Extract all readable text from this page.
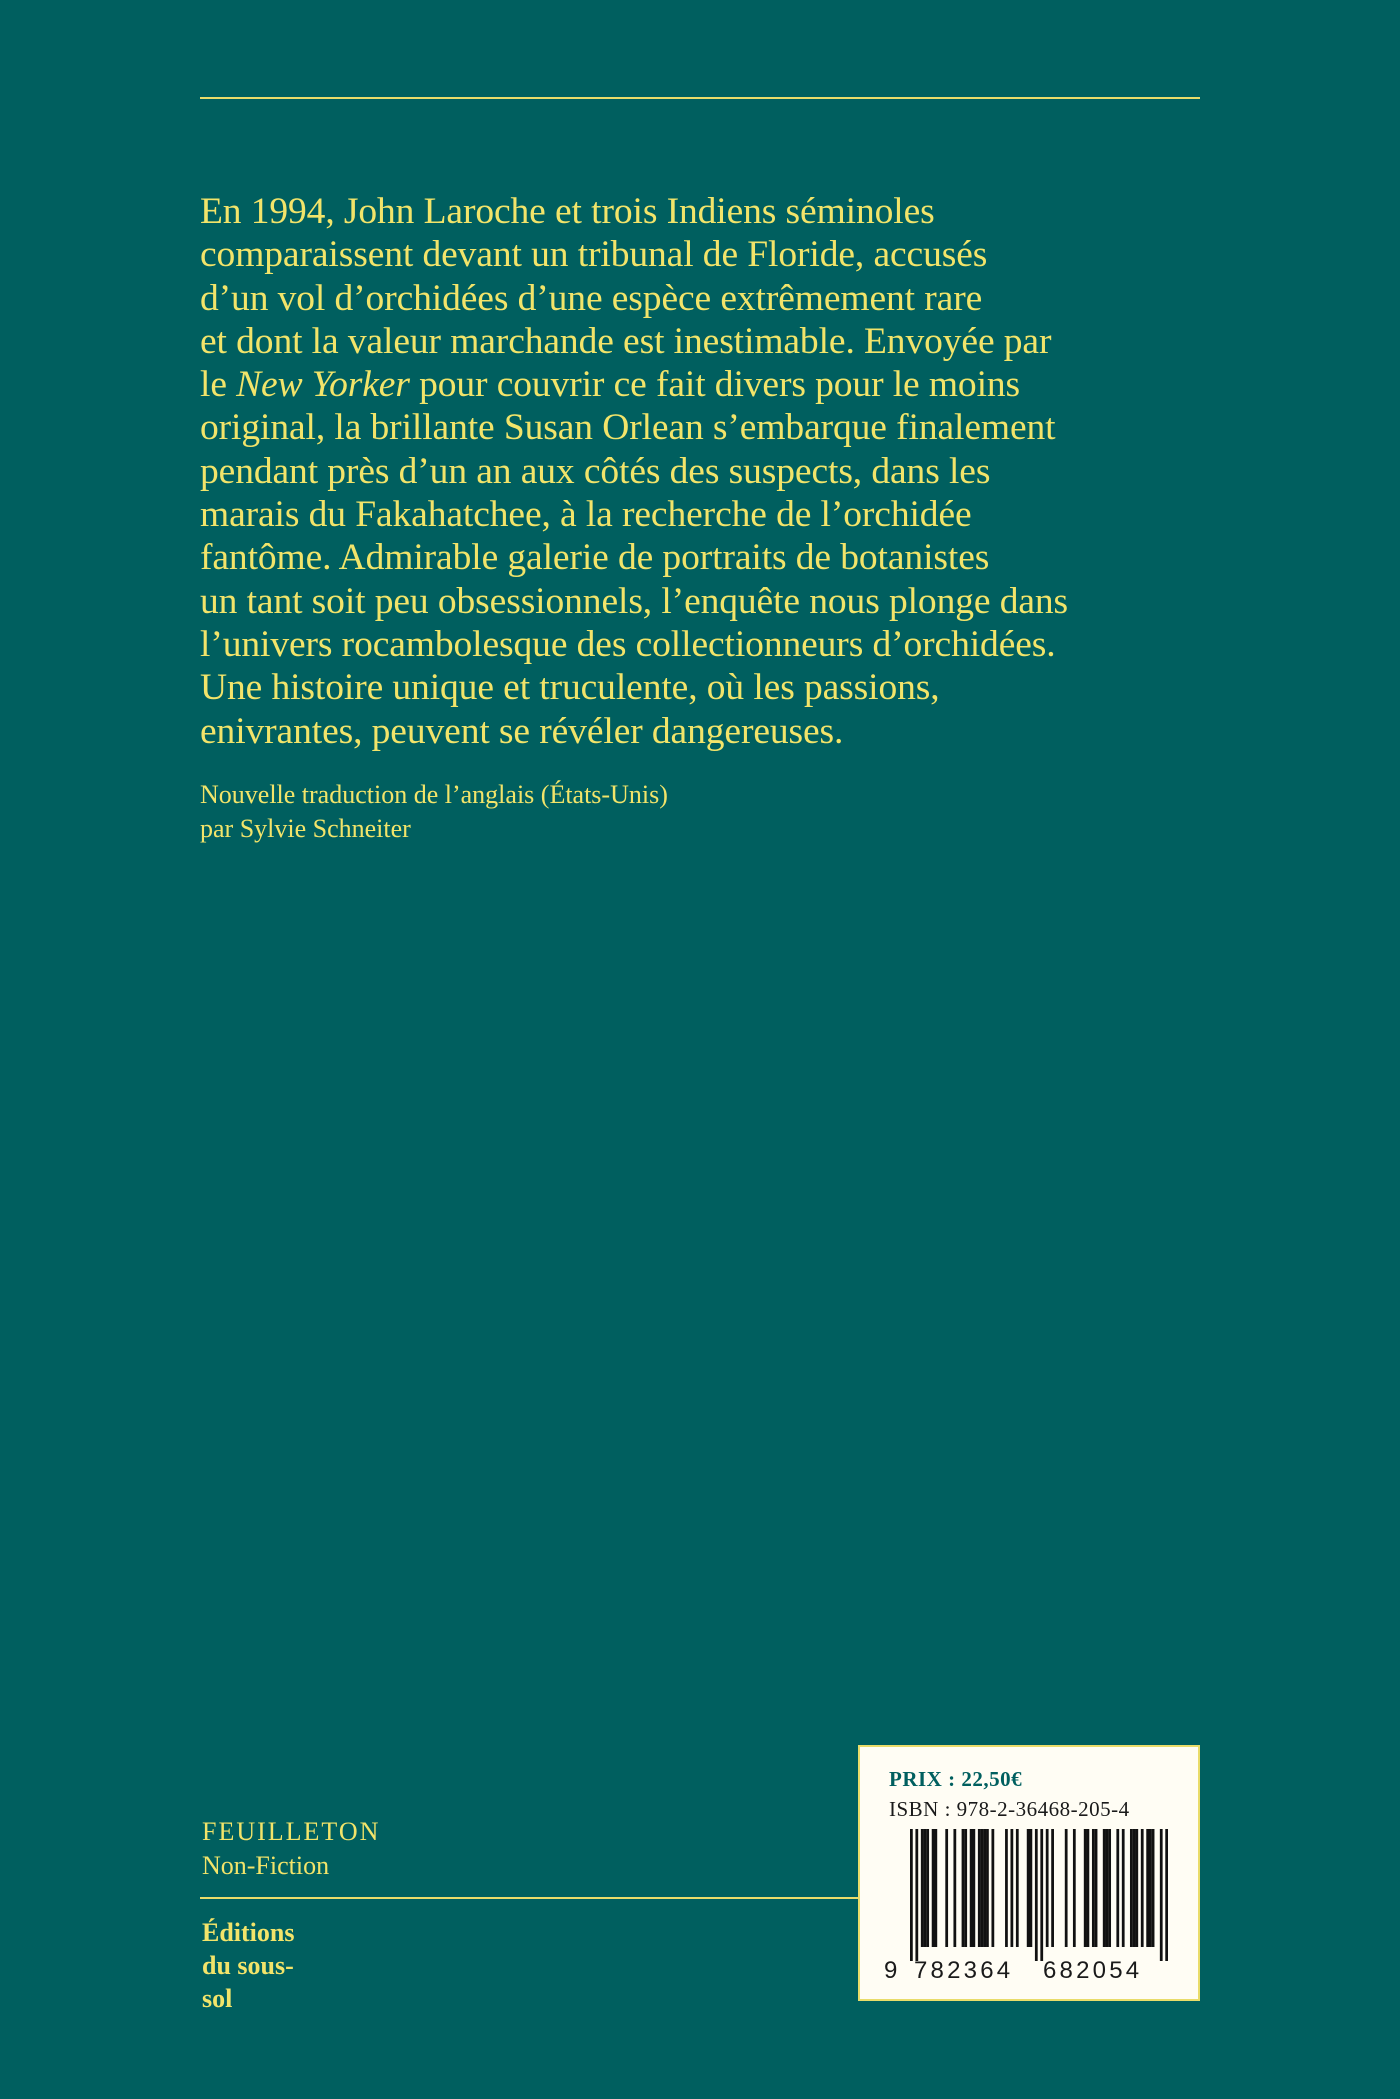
En 1994, John Laroche et trois Indiens séminoles
comparaissent devant un tribunal de Floride, accusés
d’un vol d’orchidées d’une espèce extrêmement rare
et dont la valeur marchande est inestimable. Envoyée par
le New Yorker pour couvrir ce fait divers pour le moins
original, la brillante Susan Orlean s’embarque finalement
pendant près d’un an aux côtés des suspects, dans les
marais du Fakahatchee, à la recherche de l’orchidée
fantôme. Admirable galerie de portraits de botanistes
un tant soit peu obsessionnels, l’enquête nous plonge dans
l’univers rocambolesque des collectionneurs d’orchidées.
Une histoire unique et truculente, où les passions,
enivrantes, peuvent se révéler dangereuses.
Nouvelle traduction de l’anglais (États-Unis)
par Sylvie Schneiter
FEUILLETON
Non-Fiction
Éditions
du sous-
sol
PRIX : 22,50€
ISBN : 978-2-36468-205-4
9 782364 682054
